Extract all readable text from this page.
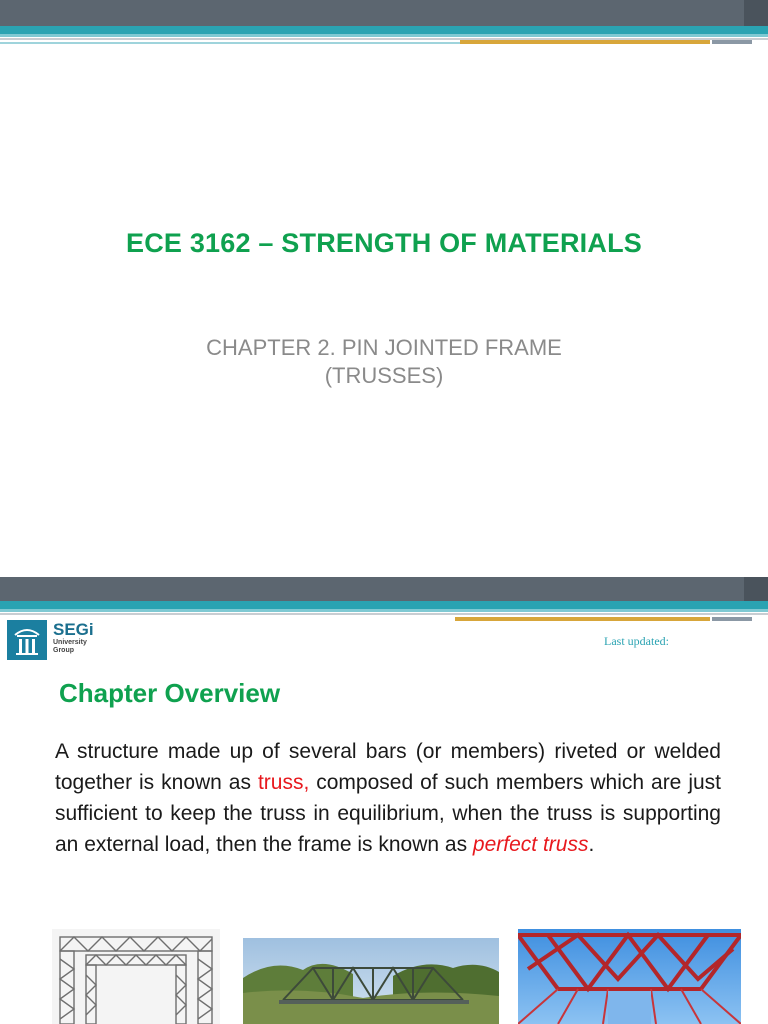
ECE 3162 – STRENGTH OF MATERIALS
CHAPTER 2. PIN JOINTED FRAME
(TRUSSES)
SEGi
University
Group
Last updated:
Chapter Overview
A structure made up of several bars (or members) riveted or welded together is known as truss, composed of such members which are just sufficient to keep the truss in equilibrium, when the truss is supporting an external load, then the frame is known as perfect truss.
